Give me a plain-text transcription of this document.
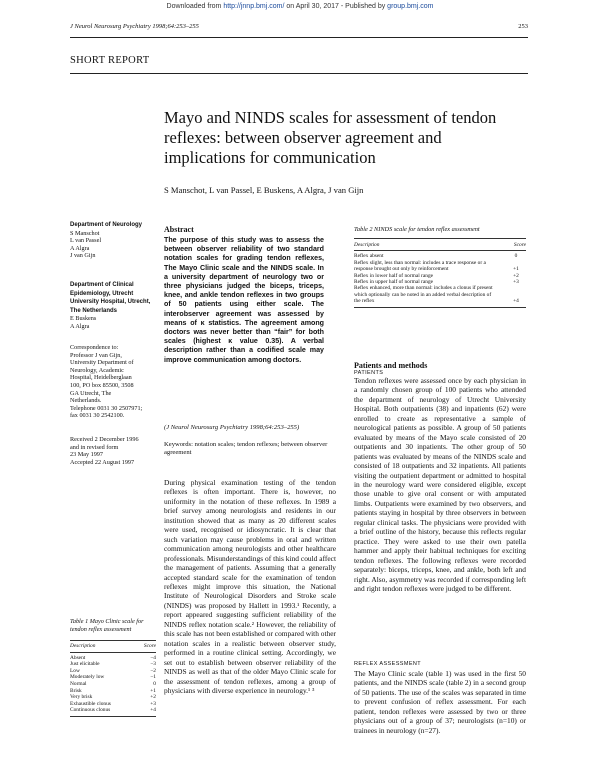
Downloaded from http://jnnp.bmj.com/ on April 30, 2017 - Published by group.bmj.com
J Neurol Neurosurg Psychiatry 1998;64:253–255	253
SHORT REPORT
Mayo and NINDS scales for assessment of tendon reflexes: between observer agreement and implications for communication
S Manschot, L van Passel, E Buskens, A Algra, J van Gijn
Department of Neurology
S Manschot
L van Passel
A Algra
J van Gijn
Department of Clinical Epidemiology, Utrecht University Hospital, Utrecht, The Netherlands
E Buskens
A Algra
Correspondence to:
Professor J van Gijn,
University Department of
Neurology, Academic
Hospital, Heidelberglaan
100, PO box 85500, 3508
GA Utrecht, The
Netherlands.
Telephone 0031 30 2507971;
fax 0031 30 2542100.
Received 2 December 1996
and in revised form
23 May 1997
Accepted 22 August 1997
Abstract
The purpose of this study was to assess the between observer reliability of two standard notation scales for grading tendon reflexes, The Mayo Clinic scale and the NINDS scale. In a university department of neurology two or three physicians judged the biceps, triceps, knee, and ankle tendon reflexes in two groups of 50 patients using either scale. The interobserver agreement was assessed by means of κ statistics. The agreement among doctors was never better than “fair” for both scales (highest κ value 0.35). A verbal description rather than a codified scale may improve communication among doctors.
(J Neurol Neurosurg Psychiatry 1998;64:253–255)
Keywords: notation scales; tendon reflexes; between observer agreement
During physical examination testing of the tendon reflexes is often important. There is, however, no uniformity in the notation of these reflexes. In 1989 a brief survey among neurologists and residents in our institution showed that as many as 20 different scales were used, recognised or idiosyncratic. It is clear that such variation may cause problems in oral and written communication among neurologists and other healthcare professionals. Misunderstandings of this kind could affect the management of patients. Assuming that a generally accepted standard scale for the examination of tendon reflexes might improve this situation, the National Institute of Neurological Disorders and Stroke scale (NINDS) was proposed by Hallett in 1993.¹ Recently, a report appeared suggesting sufficient reliability of the NINDS reflex notation scale.² However, the reliability of this scale has not been established or compared with other notation scales in a realistic between observer study, performed in a routine clinical setting. Accordingly, we set out to establish between observer reliability of the NINDS as well as that of the older Mayo Clinic scale for the assessment of tendon reflexes, among a group of physicians with diverse experience in neurology.¹ ³
Table 2 NINDS scale for tendon reflex assessment
Description	Score
Reflex absent	0
Reflex slight, less than normal: includes a trace response or a response brought out only by reinforcement	+1
Reflex in lower half of normal range	+2
Reflex in upper half of normal range	+3
Reflex enhanced, more than normal: includes a clonus if present which optionally can be noted in an added verbal description of the reflex	+4
Patients and methods
PATIENTS
Tendon reflexes were assessed once by each physician in a randomly chosen group of 100 patients who attended the department of neurology of Utrecht University Hospital. Both outpatients (38) and inpatients (62) were enrolled to create as representative a sample of neurological patients as possible. A group of 50 patients evaluated by means of the Mayo scale consisted of 20 outpatients and 30 inpatients. The other group of 50 patients was evaluated by means of the NINDS scale and consisted of 18 outpatients and 32 inpatients. All patients visiting the outpatient department or admitted to hospital in the neurology ward were considered eligible, except those unable to give oral consent or with amputated limbs. Outpatients were examined by two observers, and patients staying in hospital by three observers in between regular clinical tasks. The physicians were provided with a brief outline of the history, because this reflects regular practice. They were asked to use their own patella hammer and apply their habitual techniques for exciting tendon reflexes. The following reflexes were recorded separately: biceps, triceps, knee, and ankle, both left and right. Also, asymmetry was recorded if corresponding left and right tendon reflexes were judged to be different.
REFLEX ASSESSMENT
The Mayo Clinic scale (table 1) was used in the first 50 patients, and the NINDS scale (table 2) in a second group of 50 patients. The use of the scales was separated in time to prevent confusion of reflex assessment. For each patient, tendon reflexes were assessed by two or three physicians out of a group of 37; neurologists (n=10) or trainees in neurology (n=27).
Table 1 Mayo Clinic scale for tendon reflex assessment
Description	Score
Absent	−4
Just elicitable	−3
Low	−2
Moderately low	−1
Normal	0
Brisk	+1
Very brisk	+2
Exhaustible clonus	+3
Continuous clonus	+4
